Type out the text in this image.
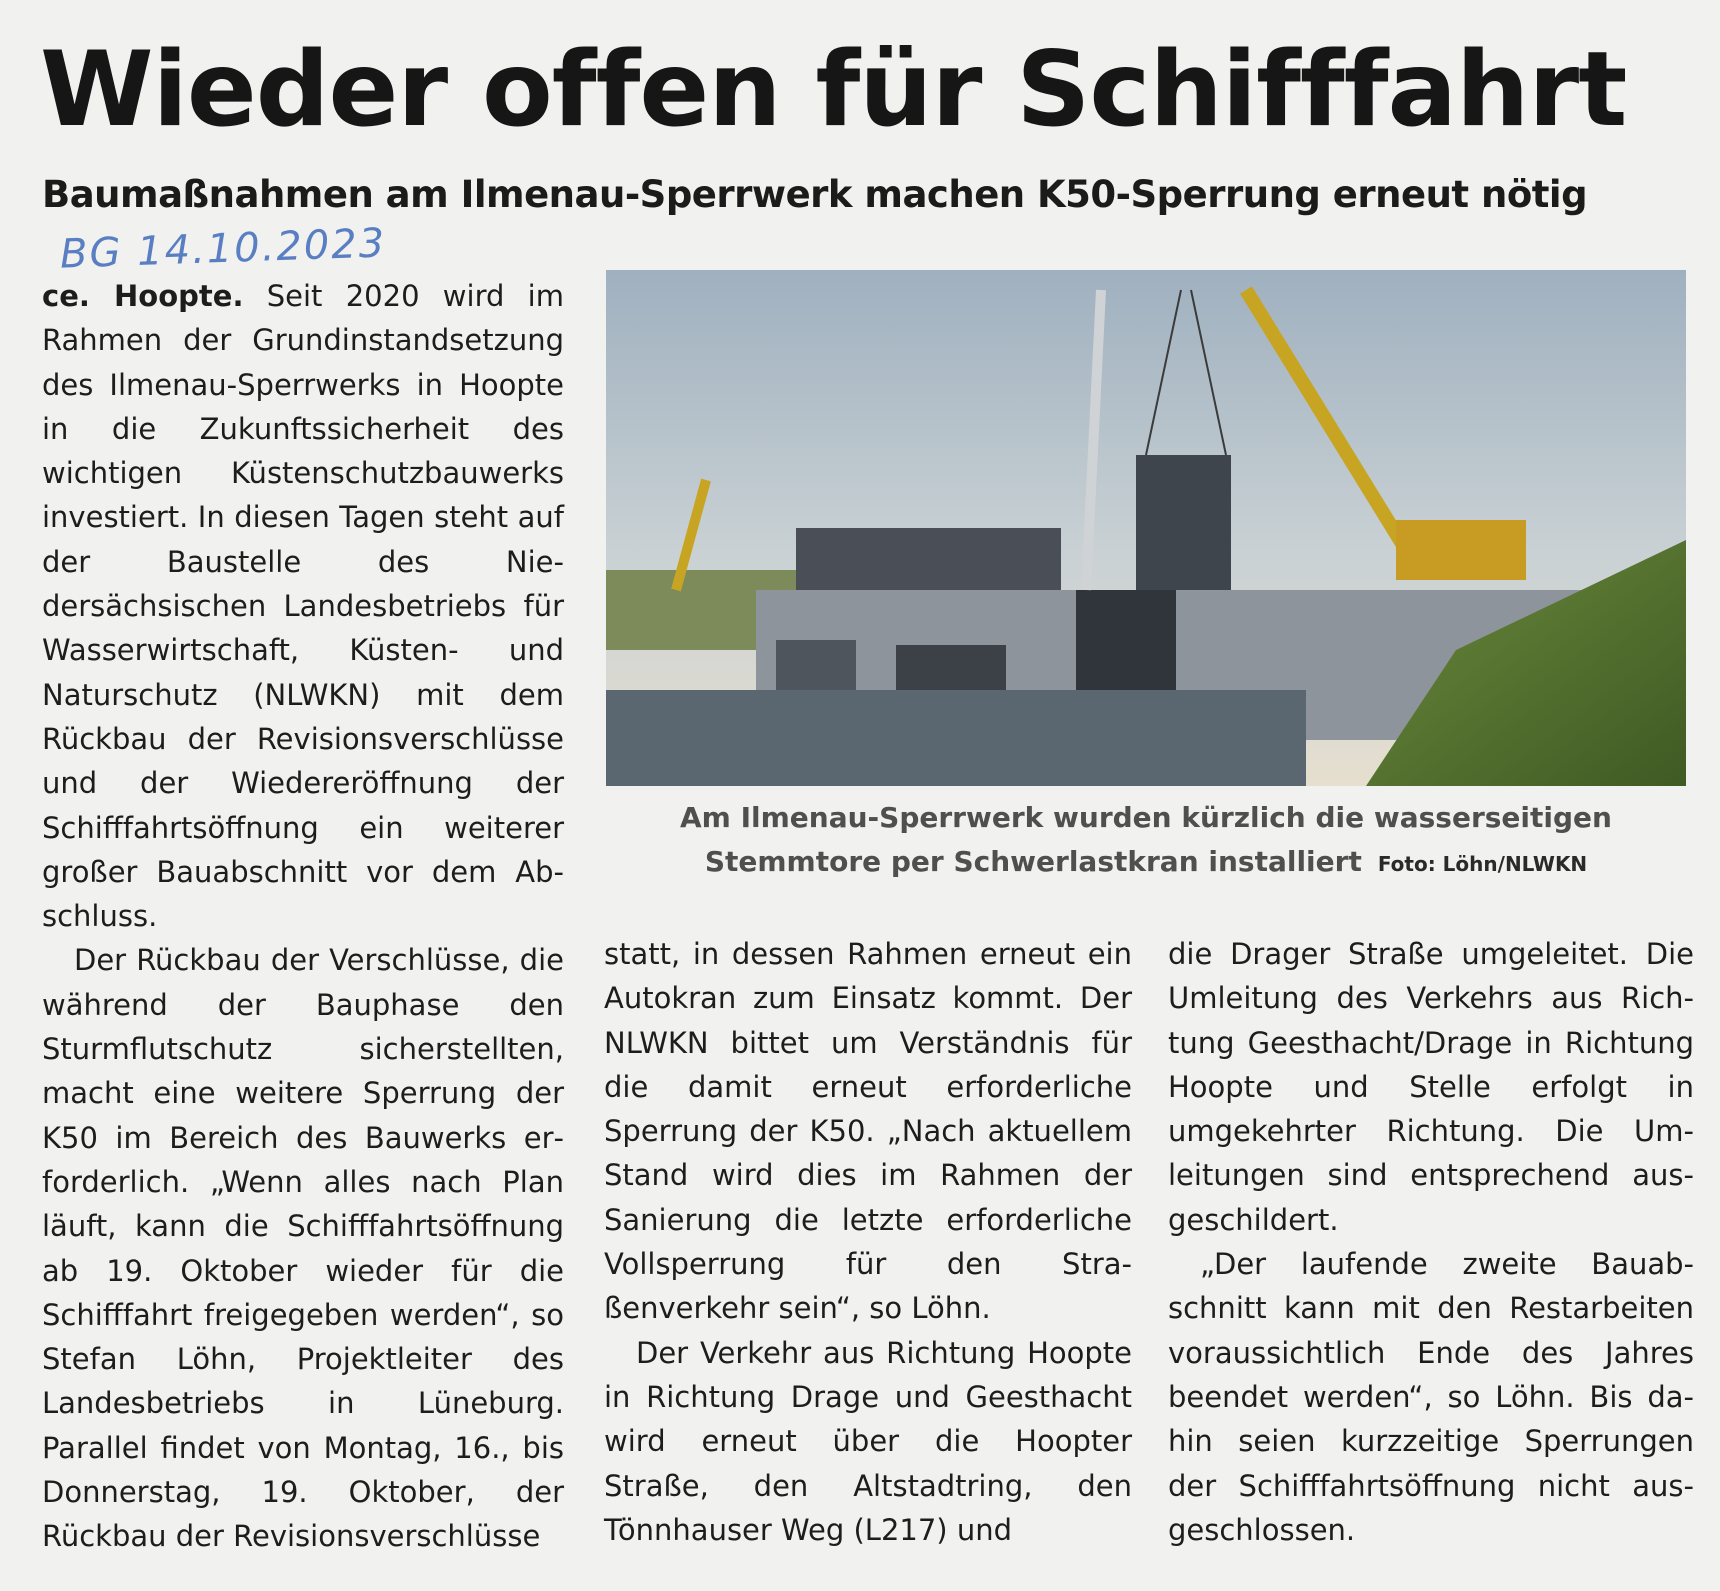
Wieder offen für Schifffahrt
Baumaßnahmen am Ilmenau-Sperrwerk machen K50-Sperrung erneut nötig
BG 14.10.2023

ce. Hoopte. Seit 2020 wird im Rahmen der Grundinstandsetzung des Ilmenau-Sperrwerks in Hoopte in die Zukunftssicherheit des wichtigen Küstenschutzbauwerks investiert. In diesen Tagen steht auf der Baustelle des Niedersächsischen Landesbetriebs für Wasserwirtschaft, Küsten- und Naturschutz (NLWKN) mit dem Rückbau der Revisionsverschlüsse und der Wiedereröffnung der Schifffahrtsöffnung ein weiterer großer Bauabschnitt vor dem Abschluss.

Der Rückbau der Verschlüsse, die während der Bauphase den Sturmflutschutz sicherstellten, macht eine weitere Sperrung der K50 im Bereich des Bauwerks erforderlich. „Wenn alles nach Plan läuft, kann die Schifffahrtsöffnung ab 19. Oktober wieder für die Schifffahrt freigegeben werden“, so Stefan Löhn, Projektleiter des Landesbetriebs in Lüneburg. Parallel findet von Montag, 16., bis Donnerstag, 19. Oktober, der Rückbau der Revisionsverschlüsse

Am Ilmenau-Sperrwerk wurden kürzlich die wasserseitigen Stemmtore per Schwerlastkran installiert Foto: Löhn/NLWKN

statt, in dessen Rahmen erneut ein Autokran zum Einsatz kommt. Der NLWKN bittet um Verständnis für die damit erneut erforderliche Sperrung der K50. „Nach aktuellem Stand wird dies im Rahmen der Sanierung die letzte erforderliche Vollsperrung für den Straßenverkehr sein“, so Löhn.

Der Verkehr aus Richtung Hoopte in Richtung Drage und Geesthacht wird erneut über die Hoopter Straße, den Altstadtring, den Tönnhauser Weg (L217) und

die Drager Straße umgeleitet. Die Umleitung des Verkehrs aus Richtung Geesthacht/Drage in Richtung Hoopte und Stelle erfolgt in umgekehrter Richtung. Die Umleitungen sind entsprechend ausgeschildert.

„Der laufende zweite Bauabschnitt kann mit den Restarbeiten voraussichtlich Ende des Jahres beendet werden“, so Löhn. Bis dahin seien kurzzeitige Sperrungen der Schifffahrtsöffnung nicht ausgeschlossen.
